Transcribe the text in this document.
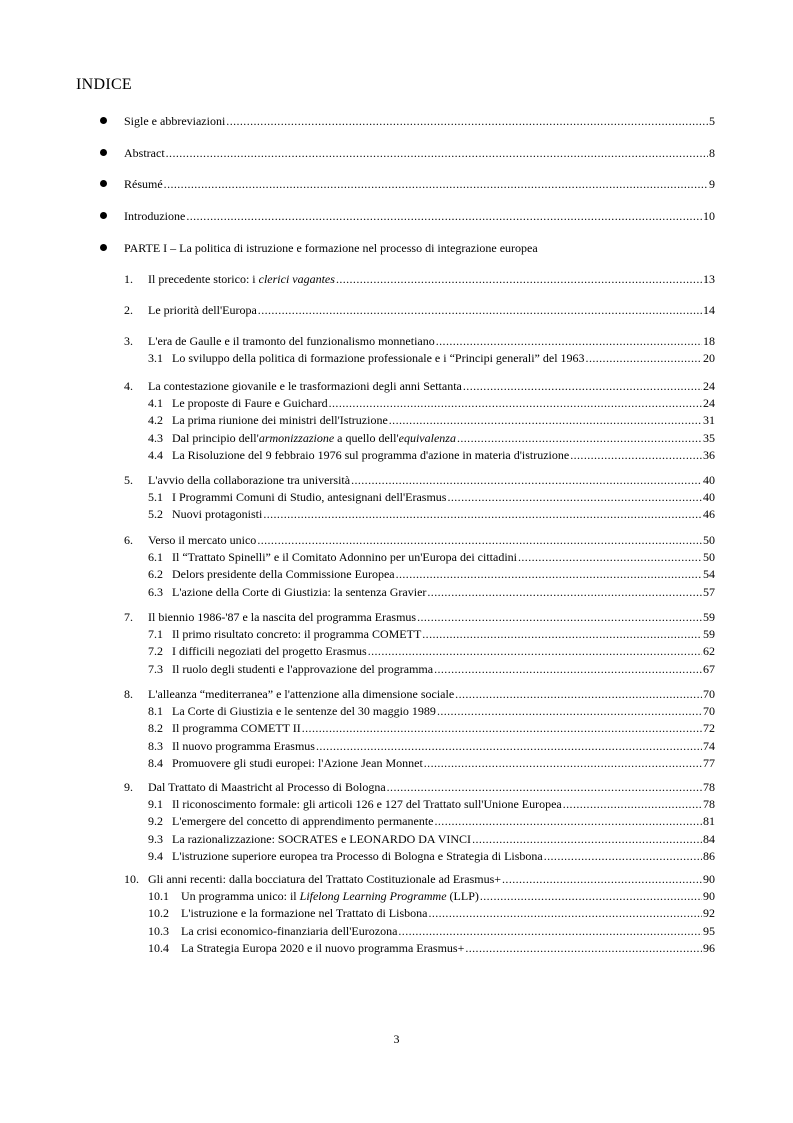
INDICE
Sigle e abbreviazioni .....	5
Abstract .....	8
Résumé .....	9
Introduzione .....	10
PARTE I – La politica di istruzione e formazione nel processo di integrazione europea
1. Il precedente storico: i clerici vagantes .....	13
2. Le priorità dell'Europa .....	14
3. L'era de Gaulle e il tramonto del funzionalismo monnetiano .....	18
3.1 Lo sviluppo della politica di formazione professionale e i “Principi generali” del 1963 .....	20
4. La contestazione giovanile e le trasformazioni degli anni Settanta .....	24
4.1 Le proposte di Faure e Guichard .....	24
4.2 La prima riunione dei ministri dell'Istruzione .....	31
4.3 Dal principio dell'armonizzazione a quello dell'equivalenza .....	35
4.4 La Risoluzione del 9 febbraio 1976 sul programma d'azione in materia d'istruzione .....	36
5. L'avvio della collaborazione tra università .....	40
5.1 I Programmi Comuni di Studio, antesignani dell'Erasmus .....	40
5.2 Nuovi protagonisti .....	46
6. Verso il mercato unico .....	50
6.1 Il “Trattato Spinelli” e il Comitato Adonnino per un'Europa dei cittadini .....	50
6.2 Delors presidente della Commissione Europea .....	54
6.3 L'azione della Corte di Giustizia: la sentenza Gravier .....	57
7. Il biennio 1986-'87 e la nascita del programma Erasmus .....	59
7.1 Il primo risultato concreto: il programma COMETT .....	59
7.2 I difficili negoziati del progetto Erasmus .....	62
7.3 Il ruolo degli studenti e l'approvazione del programma .....	67
8. L'alleanza “mediterranea” e l'attenzione alla dimensione sociale .....	70
8.1 La Corte di Giustizia e le sentenze del 30 maggio 1989 .....	70
8.2 Il programma COMETT II .....	72
8.3 Il nuovo programma Erasmus .....	74
8.4 Promuovere gli studi europei: l'Azione Jean Monnet .....	77
9. Dal Trattato di Maastricht al Processo di Bologna .....	78
9.1 Il riconoscimento formale: gli articoli 126 e 127 del Trattato sull'Unione Europea .....	78
9.2 L'emergere del concetto di apprendimento permanente .....	81
9.3 La razionalizzazione: SOCRATES e LEONARDO DA VINCI .....	84
9.4 L'istruzione superiore europea tra Processo di Bologna e Strategia di Lisbona .....	86
10. Gli anni recenti: dalla bocciatura del Trattato Costituzionale ad Erasmus+ .....	90
10.1 Un programma unico: il Lifelong Learning Programme (LLP) .....	90
10.2 L'istruzione e la formazione nel Trattato di Lisbona .....	92
10.3 La crisi economico-finanziaria dell'Eurozona .....	95
10.4 La Strategia Europa 2020 e il nuovo programma Erasmus+ .....	96
3
